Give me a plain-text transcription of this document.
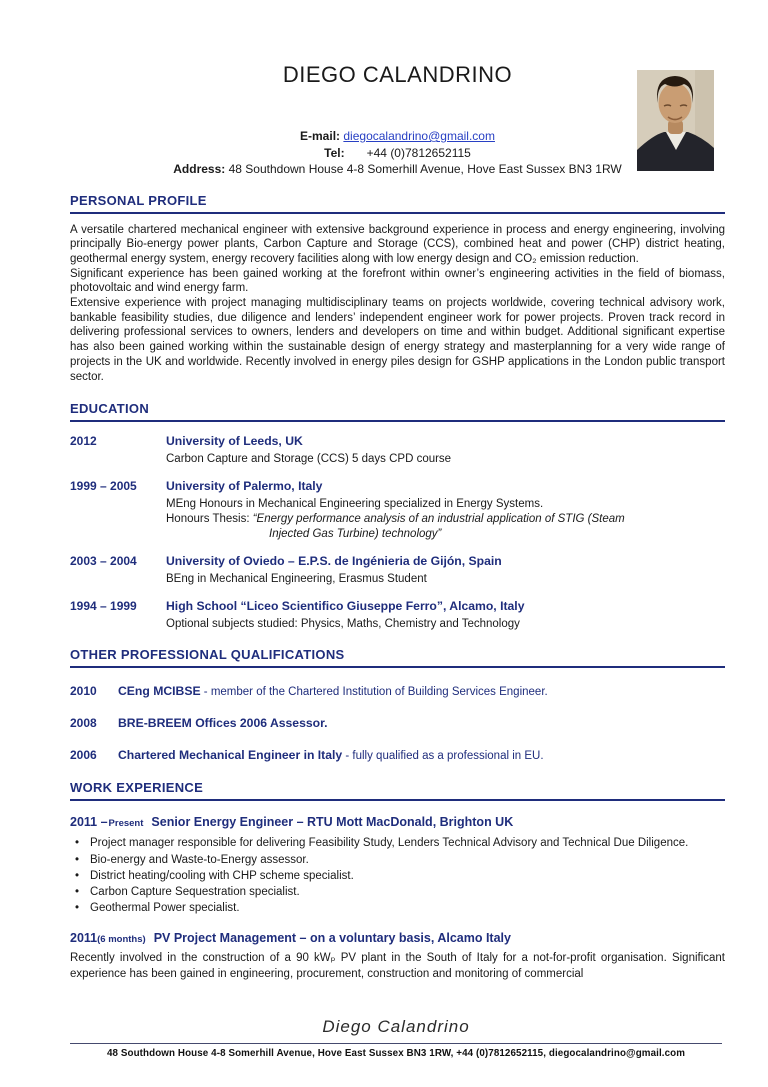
DIEGO CALANDRINO
E-mail: diegocalandrino@gmail.com
Tel: +44 (0)7812652115
Address: 48 Southdown House 4-8 Somerhill Avenue, Hove East Sussex BN3 1RW
PERSONAL PROFILE

A versatile chartered mechanical engineer with extensive background experience in process and energy engineering, involving principally Bio-energy power plants, Carbon Capture and Storage (CCS), combined heat and power (CHP) district heating, geothermal energy system, energy recovery facilities along with low energy design and CO₂ emission reduction.

Significant experience has been gained working at the forefront within owner’s engineering activities in the field of biomass, photovoltaic and wind energy farm.

Extensive experience with project managing multidisciplinary teams on projects worldwide, covering technical advisory work, bankable feasibility studies, due diligence and lenders’ independent engineer work for power projects. Proven track record in delivering professional services to owners, lenders and developers on time and within budget. Additional significant expertise has also been gained working within the sustainable design of energy strategy and masterplanning for a very wide range of projects in the UK and worldwide. Recently involved in energy piles design for GSHP applications in the London public transport sector.

EDUCATION
2012	University of Leeds, UK
Carbon Capture and Storage (CCS) 5 days CPD course
1999 – 2005	University of Palermo, Italy
MEng Honours in Mechanical Engineering specialized in Energy Systems.
Honours Thesis: “Energy performance analysis of an industrial application of STIG (Steam
Injected Gas Turbine) technology”
2003 – 2004	University of Oviedo – E.P.S. de Ingénieria de Gijón, Spain
BEng in Mechanical Engineering, Erasmus Student
1994 – 1999	High School “Liceo Scientifico Giuseppe Ferro”, Alcamo, Italy
Optional subjects studied: Physics, Maths, Chemistry and Technology
OTHER PROFESSIONAL QUALIFICATIONS
2010	CEng MCIBSE - member of the Chartered Institution of Building Services Engineer.
2008	BRE-BREEM Offices 2006 Assessor.
2006	Chartered Mechanical Engineer in Italy - fully qualified as a professional in EU.
WORK EXPERIENCE
2011 –Present Senior Energy Engineer – RTU Mott MacDonald, Brighton UK
• Project manager responsible for delivering Feasibility Study, Lenders Technical Advisory and Technical Due Diligence.
• Bio-energy and Waste-to-Energy assessor.
• District heating/cooling with CHP scheme specialist.
• Carbon Capture Sequestration specialist.
• Geothermal Power specialist.
2011(6 months) PV Project Management – on a voluntary basis, Alcamo Italy
Recently involved in the construction of a 90 kWₚ PV plant in the South of Italy for a not-for-profit organisation. Significant experience has been gained in engineering, procurement, construction and monitoring of commercial
Diego Calandrino
48 Southdown House 4-8 Somerhill Avenue, Hove East Sussex BN3 1RW, +44 (0)7812652115, diegocalandrino@gmail.com
